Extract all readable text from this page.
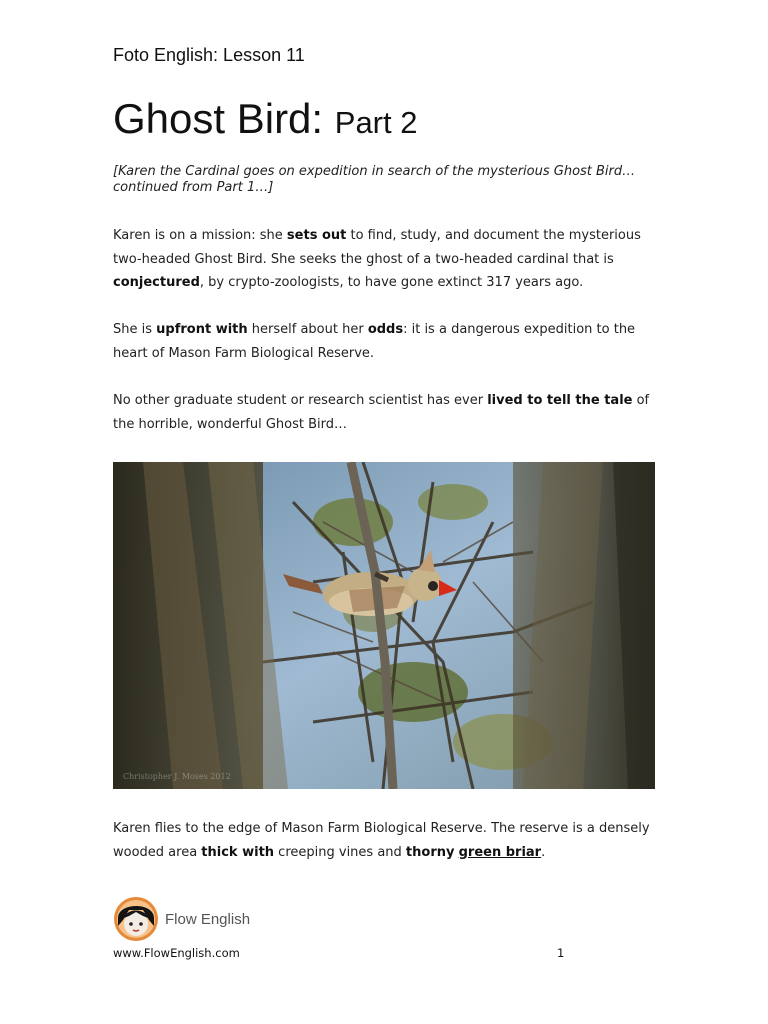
Foto English: Lesson 11
Ghost Bird: Part 2
[Karen the Cardinal goes on expedition in search of the mysterious Ghost Bird… continued from Part 1…]

Karen is on a mission: she sets out to find, study, and document the mysterious two-headed Ghost Bird. She seeks the ghost of a two-headed cardinal that is conjectured, by crypto-zoologists, to have gone extinct 317 years ago.

She is upfront with herself about her odds: it is a dangerous expedition to the heart of Mason Farm Biological Reserve.

No other graduate student or research scientist has ever lived to tell the tale of the horrible, wonderful Ghost Bird…

Christopher J. Moses 2012

Karen flies to the edge of Mason Farm Biological Reserve. The reserve is a densely wooded area thick with creeping vines and thorny green briar.

Flow English
www.FlowEnglish.com	1
